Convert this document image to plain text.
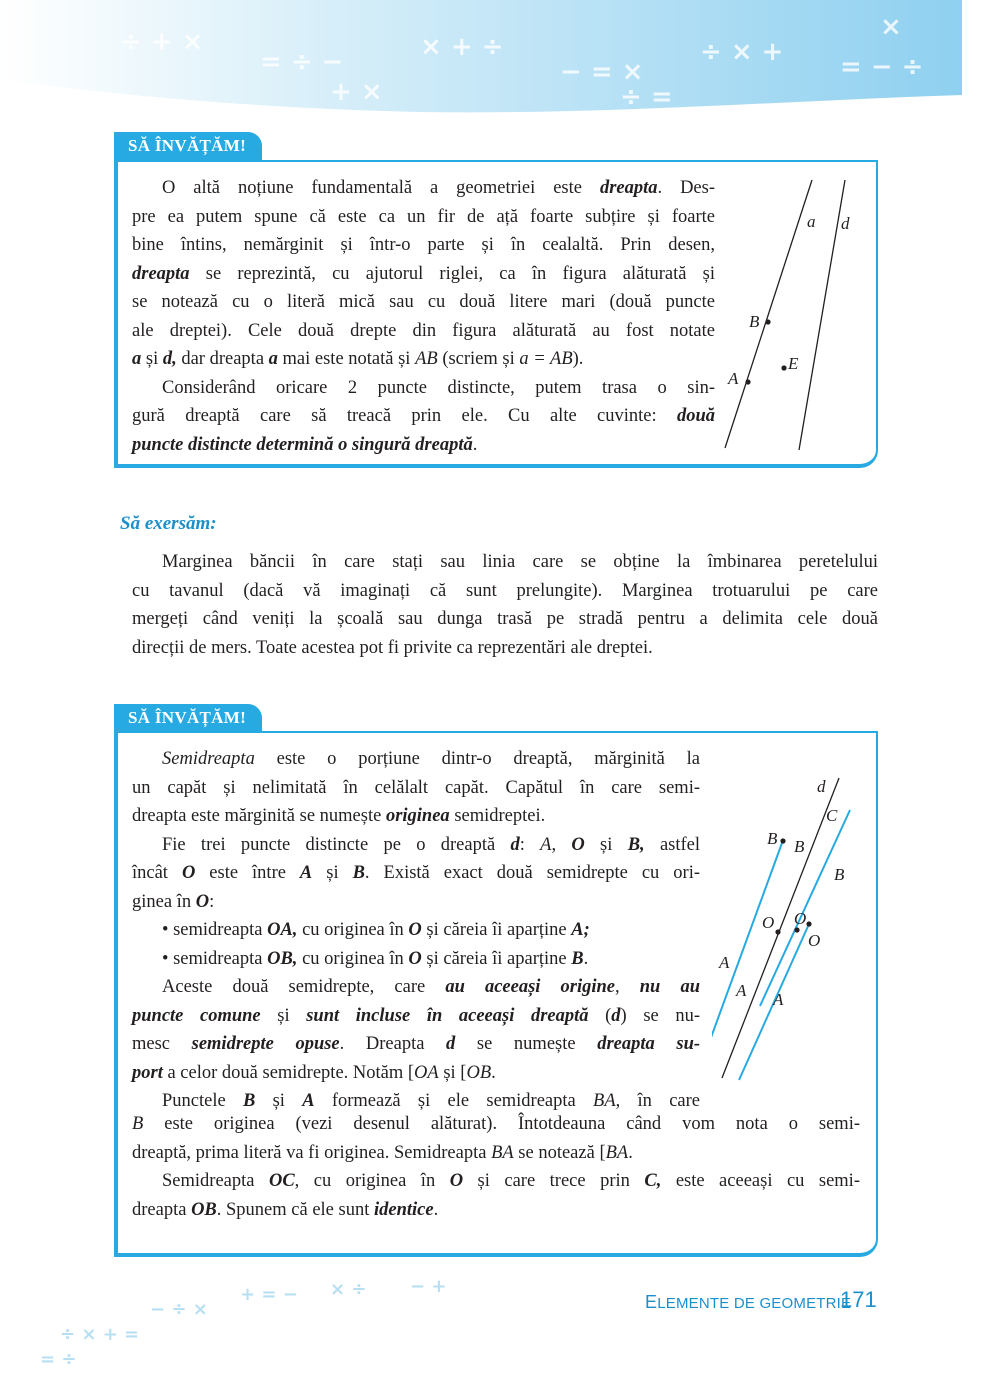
÷ + ×
= ÷ −	× + ÷
− = ×
÷ × + = − ÷
+ ×	÷ =
×
SĂ ÎNVĂȚĂM!
O altă noțiune fundamentală a geometriei este dreapta. Des-
pre ea putem spune că este ca un fir de ață foarte subțire și foarte
bine întins, nemărginit și într-o parte și în cealaltă. Prin desen,
dreapta se reprezintă, cu ajutorul riglei, ca în figura alăturată și
se notează cu o literă mică sau cu două litere mari (două puncte
ale dreptei). Cele două drepte din figura alăturată au fost notate
a și d, dar dreapta a mai este notată și AB (scriem și a = AB).
Considerând oricare 2 puncte distincte, putem trasa o sin-
gură dreaptă care să treacă prin ele. Cu alte cuvinte: două
puncte distincte determină o singură dreaptă.
a d
B
E
A
Să exersăm:
Marginea băncii în care stați sau linia care se obține la îmbinarea peretelului
cu tavanul (dacă vă imaginați că sunt prelungite). Marginea trotuarului pe care
mergeți când veniți la școală sau dunga trasă pe stradă pentru a delimita cele două
direcții de mers. Toate acestea pot fi privite ca reprezentări ale dreptei.
SĂ ÎNVĂȚĂM!
Semidreapta este o porțiune dintr-o dreaptă, mărginită la
un capăt și nelimitată în celălalt capăt. Capătul în care semi-
dreapta este mărginită se numește originea semidreptei.
Fie trei puncte distincte pe o dreaptă d: A, O și B, astfel
încât O este între A și B. Există exact două semidrepte cu ori-
ginea în O:
• semidreapta OA, cu originea în O și căreia îi aparține A;
• semidreapta OB, cu originea în O și căreia îi aparține B.
Aceste două semidrepte, care au aceeași origine, nu au
puncte comune și sunt incluse în aceeași dreaptă (d) se nu-
mesc semidrepte opuse. Dreapta d se numește dreapta su-
port a celor două semidrepte. Notăm [OA și [OB.
Punctele B și A formează și ele semidreapta BA, în care
B este originea (vezi desenul alăturat). Întotdeauna când vom nota o semi-
dreaptă, prima literă va fi originea. Semidreapta BA se notează [BA.
Semidreapta OC, cu originea în O și care trece prin C, este aceeași cu semi-
dreapta OB. Spunem că ele sunt identice.
d
C
B B
B
O O
O
A
A A
÷ × + =
− ÷ ×
+ = − × ÷ − +
= ÷
ELEMENTE DE GEOMETRIE
171
